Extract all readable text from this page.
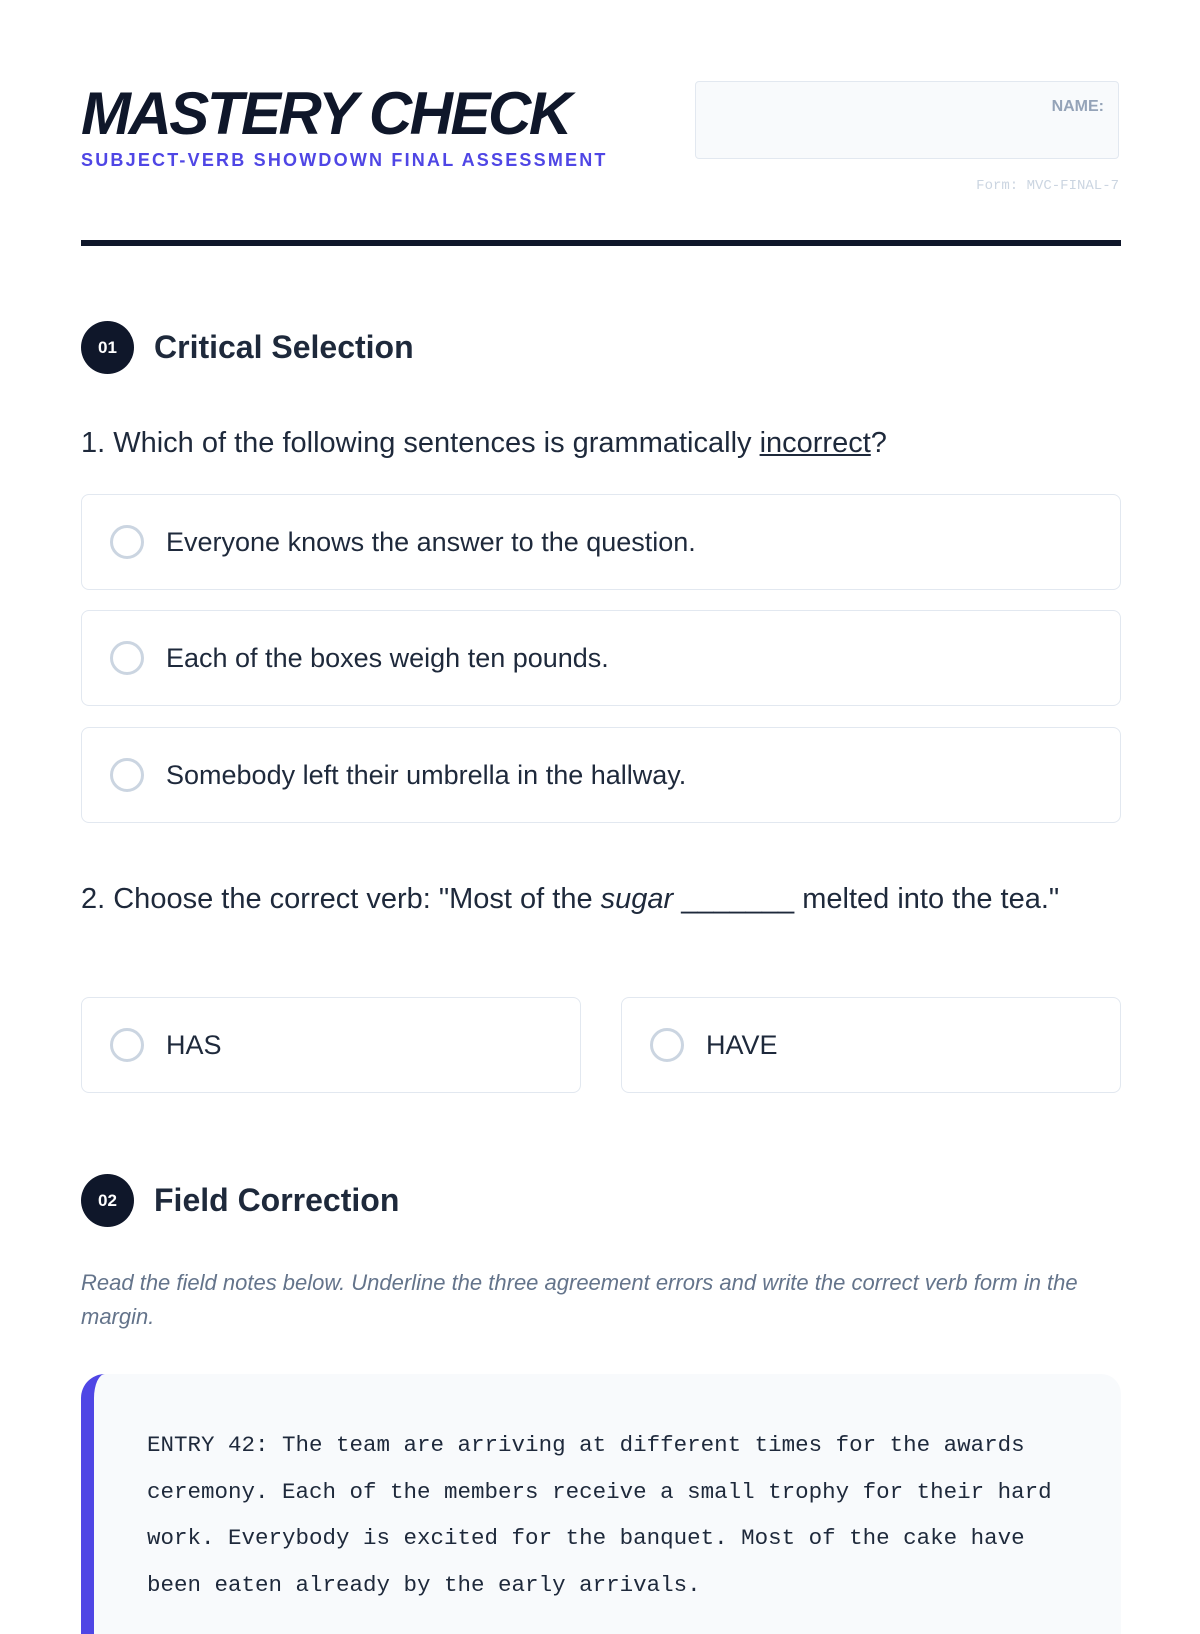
MASTERY CHECK
SUBJECT-VERB SHOWDOWN FINAL ASSESSMENT
NAME:
Form: MVC-FINAL-7
01	Critical Selection
1. Which of the following sentences is grammatically incorrect?
Everyone knows the answer to the question.
Each of the boxes weigh ten pounds.
Somebody left their umbrella in the hallway.
2. Choose the correct verb: "Most of the sugar _______ melted into the tea."
HAS	HAVE
02	Field Correction
Read the field notes below. Underline the three agreement errors and write the correct verb form in the margin.
ENTRY 42: The team are arriving at different times for the awards ceremony. Each of the members receive a small trophy for their hard work. Everybody is excited for the banquet. Most of the cake have been eaten already by the early arrivals.
